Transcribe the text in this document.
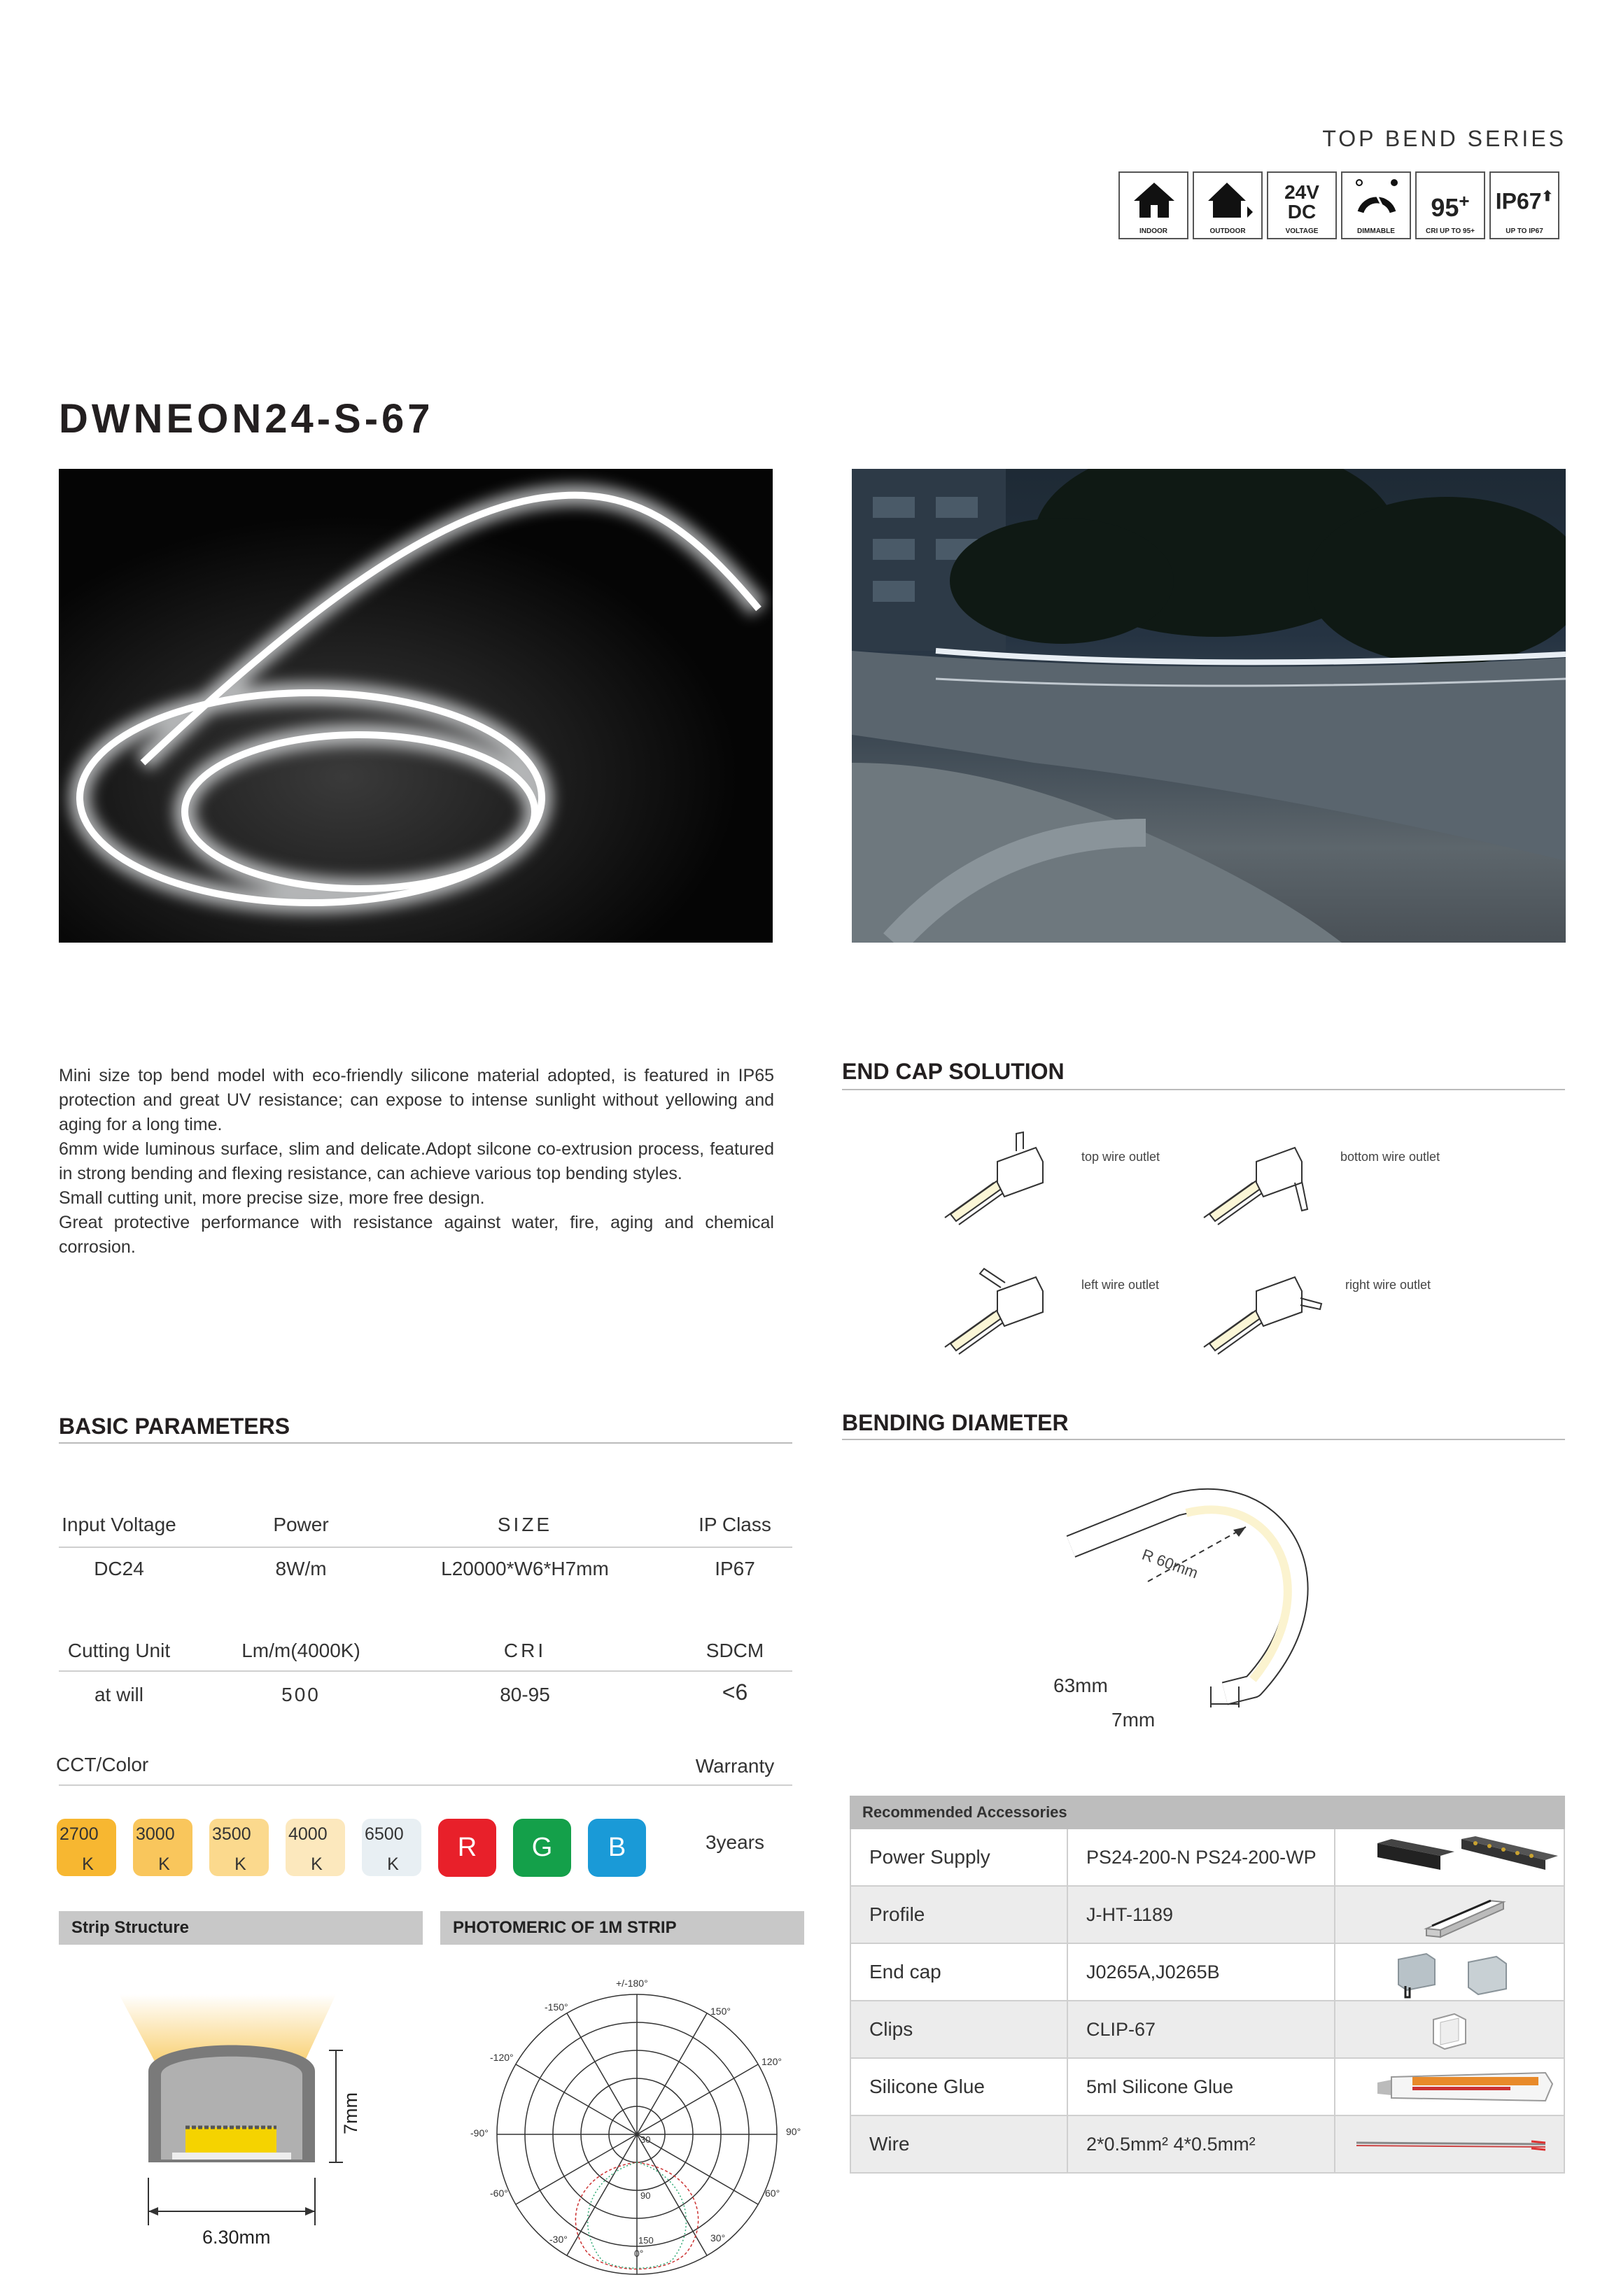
TOP BEND SERIES
INDOOR	OUTDOOR
24V
DC
VOLTAGE	DIMMABLE
95+
CRI UP TO 95+
IP67⬆
UP TO IP67
DWNEON24-S-67

Mini size top bend model with eco-friendly silicone material adopted, is featured in IP65 protection and great UV resistance; can expose to intense sunlight without yellowing and aging for a long time.

6mm wide luminous surface, slim and delicate.Adopt silcone co-extrusion process, featured in strong bending and flexing resistance, can achieve various top bending styles.

Small cutting unit, more precise size, more free design.

Great protective performance with resistance against water, fire, aging and chemical corrosion.

END CAP SOLUTION
top wire outlet	bottom wire outlet
left wire outlet	right wire outlet
BASIC PARAMETERS
Input Voltage	Power	SIZE	IP Class
DC24	8W/m	L20000*W6*H7mm	IP67
Cutting Unit	Lm/m(4000K)	CRI	SDCM
at will	500	80-95	<6
CCT/Color	Warranty
2700
K
3000
K
3500
K
4000
K
6500
K
R	G	B	3years
BENDING DIAMETER
R 60mm
63mm
7mm
Recommended Accessories
Power Supply	PS24-200-N PS24-200-WP
Profile	J-HT-1189
End cap	J0265A,J0265B
Clips	CLIP-67
Silicone Glue	5ml Silicone Glue
Wire	2*0.5mm² 4*0.5mm²
Strip Structure
7mm
6.30mm
PHOTOMERIC OF 1M STRIP
+/-180°
150°
-150°
120°
-120°
90°
-90°
60°
-60°
30°
-30°
0°
30
90
150
